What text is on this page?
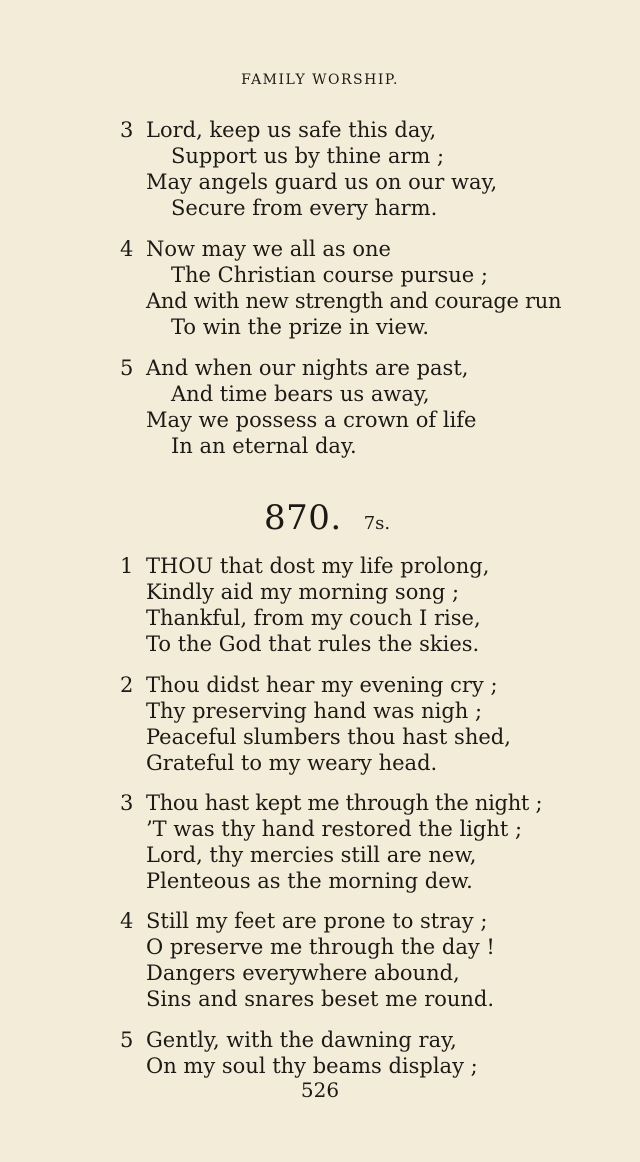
FAMILY WORSHIP.
3 Lord, keep us safe this day,
Support us by thine arm ;
May angels guard us on our way,
Secure from every harm.
4 Now may we all as one
The Christian course pursue ;
And with new strength and courage run
To win the prize in view.
5 And when our nights are past,
And time bears us away,
May we possess a crown of life
In an eternal day.
870. 7s.
1 THOU that dost my life prolong,
Kindly aid my morning song ;
Thankful, from my couch I rise,
To the God that rules the skies.
2 Thou didst hear my evening cry ;
Thy preserving hand was nigh ;
Peaceful slumbers thou hast shed,
Grateful to my weary head.
3 Thou hast kept me through the night ;
’T was thy hand restored the light ;
Lord, thy mercies still are new,
Plenteous as the morning dew.
4 Still my feet are prone to stray ;
O preserve me through the day !
Dangers everywhere abound,
Sins and snares beset me round.
5 Gently, with the dawning ray,
On my soul thy beams display ;
526
